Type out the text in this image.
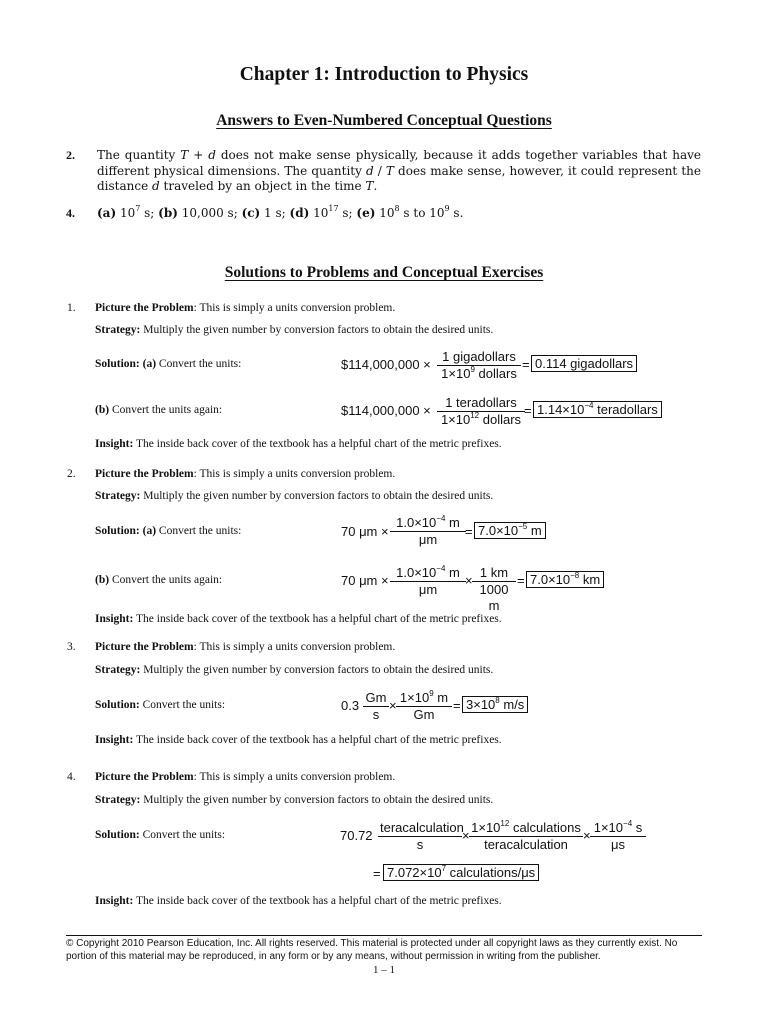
Chapter 1: Introduction to Physics
Answers to Even-Numbered Conceptual Questions
2. The quantity T + d does not make sense physically, because it adds together variables that have different physical dimensions. The quantity d / T does make sense, however, it could represent the distance d traveled by an object in the time T.
4. (a) $10^7$ s; (b) 10,000 s; (c) 1 s; (d) $10^{17}$ s; (e) $10^8$ s to $10^9$ s.
Solutions to Problems and Conceptual Exercises
1. Picture the Problem: This is simply a units conversion problem.
Strategy: Multiply the given number by conversion factors to obtain the desired units.
Solution: (a) Convert the units:	$114,000,000 ×
1 gigadollars
$1\times 10^9$ dollars
= 0.114 gigadollars
(b) Convert the units again:	$114,000,000 ×
1 teradollars
$1\times 10^{12}$ dollars
= $1.14\times 10^{-4}$ teradollars
Insight: The inside back cover of the textbook has a helpful chart of the metric prefixes.
2. Picture the Problem: This is simply a units conversion problem.
Strategy: Multiply the given number by conversion factors to obtain the desired units.
Solution: (a) Convert the units:	70 $\mu m \times \frac{1.0\times 10^{-4} m}{\mu m} = 7.0\times 10^{-5}$ m
(b) Convert the units again:	70 $\mu m \times \frac{1.0\times 10^{-4} m}{\mu m} \times \frac{1 km}{1000 m} = 7.0\times 10^{-8}$ km
Insight: The inside back cover of the textbook has a helpful chart of the metric prefixes.
3. Picture the Problem: This is simply a units conversion problem.
Strategy: Multiply the given number by conversion factors to obtain the desired units.
Solution: Convert the units:	$0.3 \frac{Gm}{s} \times \frac{1\times 10^9 m}{Gm} = 3\times 10^8$ m/s
Insight: The inside back cover of the textbook has a helpful chart of the metric prefixes.
4. Picture the Problem: This is simply a units conversion problem.
Strategy: Multiply the given number by conversion factors to obtain the desired units.
Solution: Convert the units:	70.72
teracalculation
s
×
$1\times 10^{12}$ calculations
teracalculation
× $\frac{1\times 10^{-4} s}{\mu s}$
= $7.072\times 10^7$ calculations/μs
Insight: The inside back cover of the textbook has a helpful chart of the metric prefixes.
© Copyright 2010 Pearson Education, Inc. All rights reserved. This material is protected under all copyright laws as they currently exist. No portion of this material may be reproduced, in any form or by any means, without permission in writing from the publisher.
1 – 1
